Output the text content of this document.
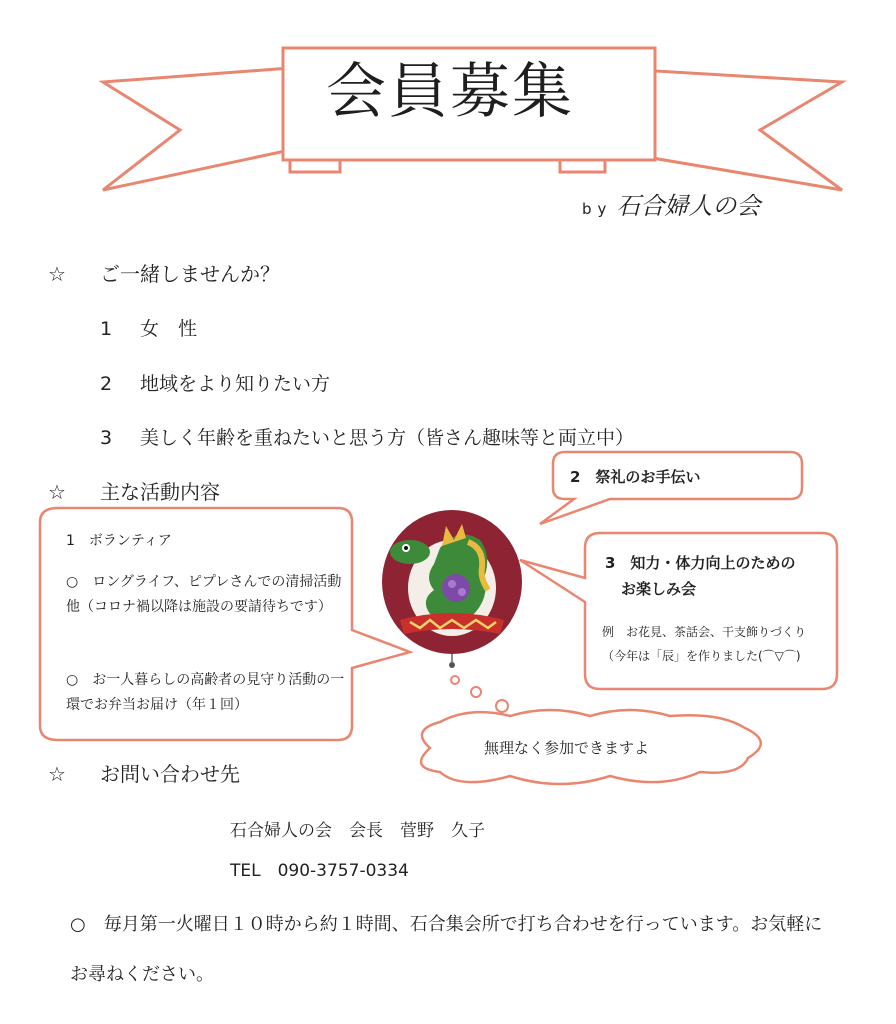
会員募集
by 石合婦人の会
☆ ご一緒しませんか？
1 女　性
2 地域をより知りたい方
3 美しく年齢を重ねたいと思う方（皆さん趣味等と両立中）
☆ 主な活動内容
1　ボランティア
○　ロングライフ、ピプレさんでの清掃活動他（コロナ禍以降は施設の要請待ちです）
○　お一人暮らしの高齢者の見守り活動の一環でお弁当お届け（年１回）
2　祭礼のお手伝い
3　知力・体力向上のための
お楽しみ会
例　お花見、茶話会、干支飾りづくり（今年は「辰」を作りました(⌒▽⌒)
無理なく参加できますよ
☆ お問い合わせ先
石合婦人の会　会長　菅野　久子
TEL　090-3757-0334
○　毎月第一火曜日１０時から約１時間、石合集会所で打ち合わせを行っています。お気軽にお尋ねください。
